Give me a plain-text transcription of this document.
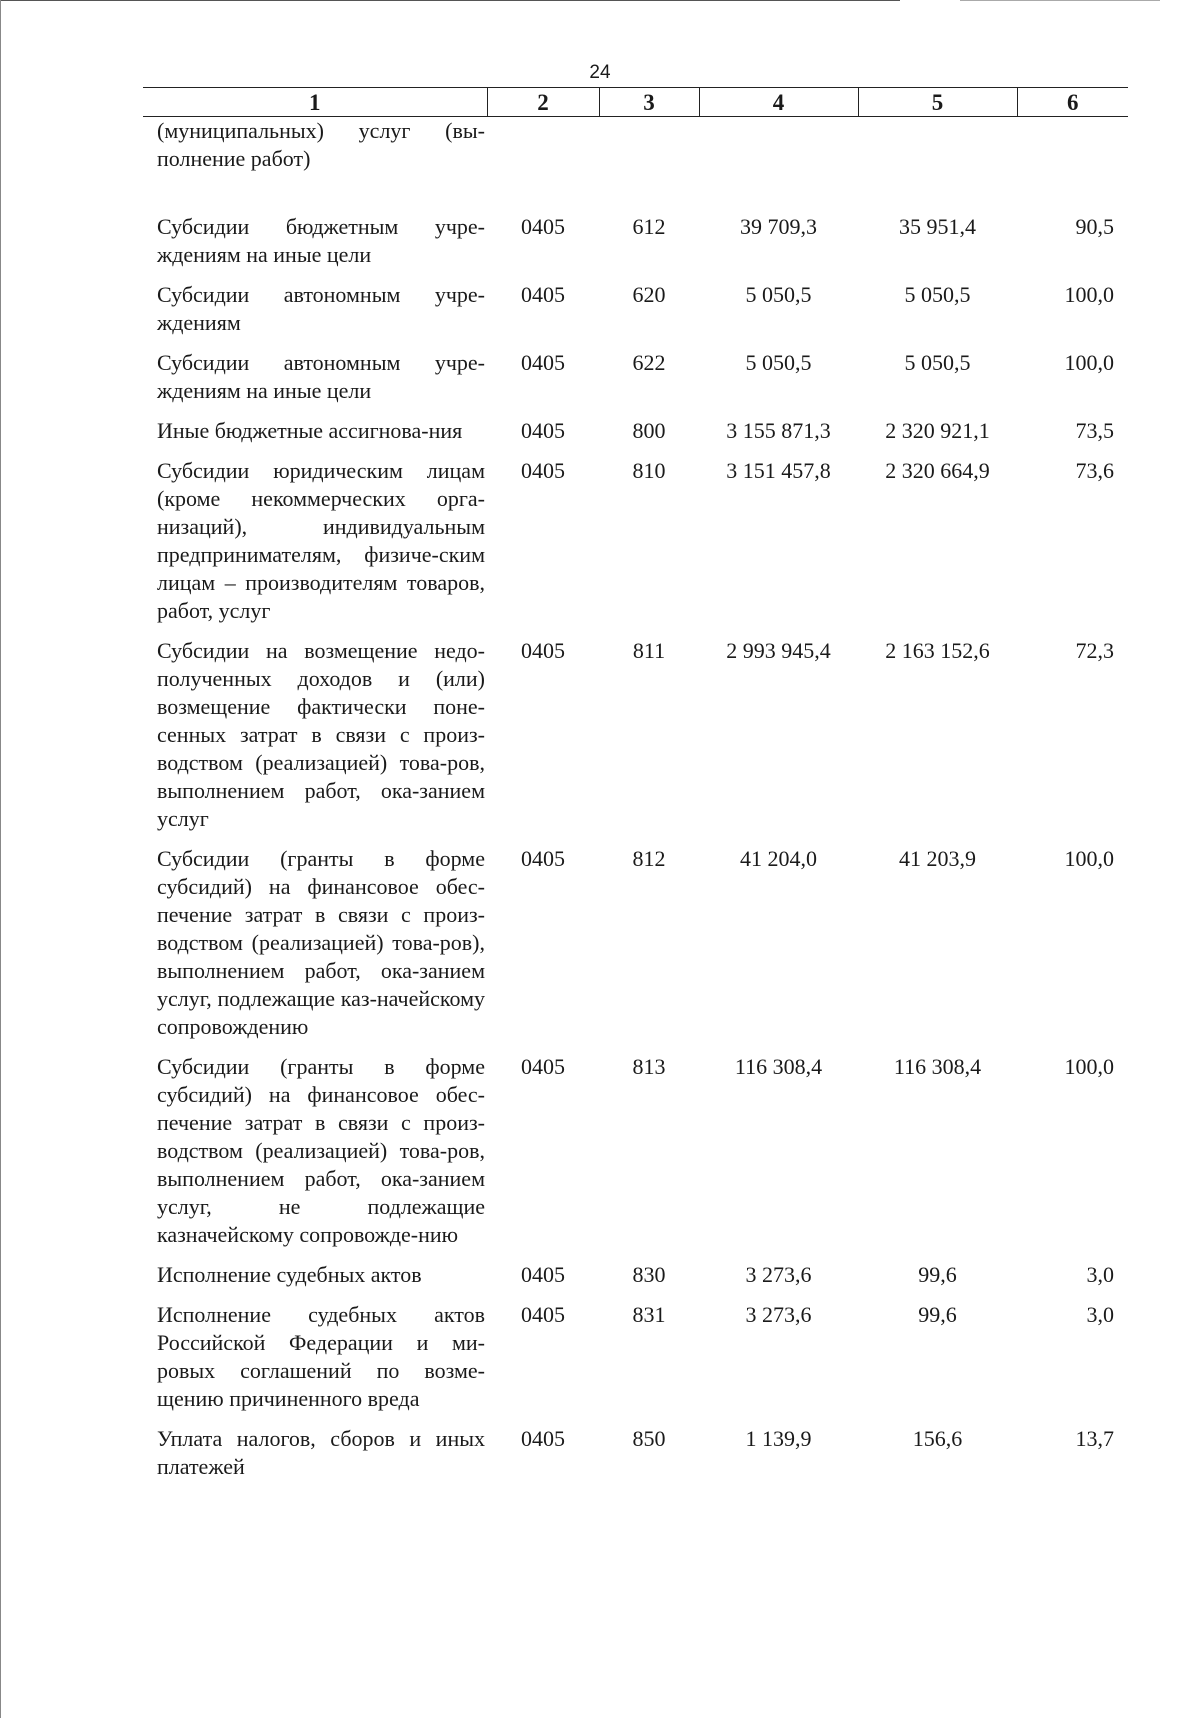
24
1	2	3	4	5	6
(муниципальных) услуг (вы-полнение работ)					
Субсидии бюджетным учре-ждениям на иные цели	0405	612	39 709,3	35 951,4	90,5
Субсидии автономным учре-ждениям	0405	620	5 050,5	5 050,5	100,0
Субсидии автономным учре-ждениям на иные цели	0405	622	5 050,5	5 050,5	100,0
Иные бюджетные ассигнова-ния	0405	800	3 155 871,3	2 320 921,1	73,5
Субсидии юридическим лицам (кроме некоммерческих орга-низаций), индивидуальным предпринимателям, физиче-ским лицам – производителям товаров, работ, услуг	0405	810	3 151 457,8	2 320 664,9	73,6
Субсидии на возмещение недо-полученных доходов и (или) возмещение фактически поне-сенных затрат в связи с произ-водством (реализацией) това-ров, выполнением работ, ока-занием услуг	0405	811	2 993 945,4	2 163 152,6	72,3
Субсидии (гранты в форме субсидий) на финансовое обес-печение затрат в связи с произ-водством (реализацией) това-ров), выполнением работ, ока-занием услуг, подлежащие каз-начейскому сопровождению	0405	812	41 204,0	41 203,9	100,0
Субсидии (гранты в форме субсидий) на финансовое обес-печение затрат в связи с произ-водством (реализацией) това-ров, выполнением работ, ока-занием услуг, не подлежащие казначейскому сопровожде-нию	0405	813	116 308,4	116 308,4	100,0
Исполнение судебных актов	0405	830	3 273,6	99,6	3,0
Исполнение судебных актов Российской Федерации и ми-ровых соглашений по возме-щению причиненного вреда	0405	831	3 273,6	99,6	3,0
Уплата налогов, сборов и иных платежей	0405	850	1 139,9	156,6	13,7
